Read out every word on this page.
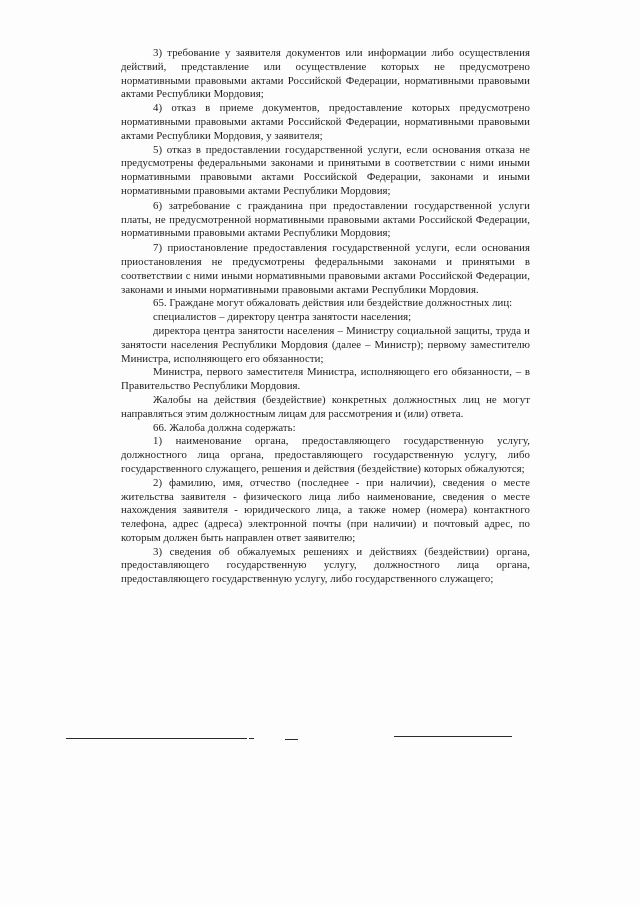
3) требование у заявителя документов или информации либо осуществления действий, представление или осуществление которых не предусмотрено нормативными правовыми актами Российской Федерации, нормативными правовыми актами Республики Мордовия;

4) отказ в приеме документов, предоставление которых предусмотрено нормативными правовыми актами Российской Федерации, нормативными правовыми актами Республики Мордовия, у заявителя;

5) отказ в предоставлении государственной услуги, если основания отказа не предусмотрены федеральными законами и принятыми в соответствии с ними иными нормативными правовыми актами Российской Федерации, законами и иными нормативными правовыми актами Республики Мордовия;

6) затребование с гражданина при предоставлении государственной услуги платы, не предусмотренной нормативными правовыми актами Российской Федерации, нормативными правовыми актами Республики Мордовия;

7) приостановление предоставления государственной услуги, если основания приостановления не предусмотрены федеральными законами и принятыми в соответствии с ними иными нормативными правовыми актами Российской Федерации, законами и иными нормативными правовыми актами Республики Мордовия.

65. Граждане могут обжаловать действия или бездействие должностных лиц:

специалистов – директору центра занятости населения;

директора центра занятости населения – Министру социальной защиты, труда и занятости населения Республики Мордовия (далее – Министр); первому заместителю Министра, исполняющего его обязанности;

Министра, первого заместителя Министра, исполняющего его обязанности, – в Правительство Республики Мордовия.

Жалобы на действия (бездействие) конкретных должностных лиц не могут направляться этим должностным лицам для рассмотрения и (или) ответа.

66. Жалоба должна содержать:

1) наименование органа, предоставляющего государственную услугу, должностного лица органа, предоставляющего государственную услугу, либо государственного служащего, решения и действия (бездействие) которых обжалуются;

2) фамилию, имя, отчество (последнее - при наличии), сведения о месте жительства заявителя - физического лица либо наименование, сведения о месте нахождения заявителя - юридического лица, а также номер (номера) контактного телефона, адрес (адреса) электронной почты (при наличии) и почтовый адрес, по которым должен быть направлен ответ заявителю;

3) сведения об обжалуемых решениях и действиях (бездействии) органа, предоставляющего государственную услугу, должностного лица органа, предоставляющего государственную услугу, либо государственного служащего;
